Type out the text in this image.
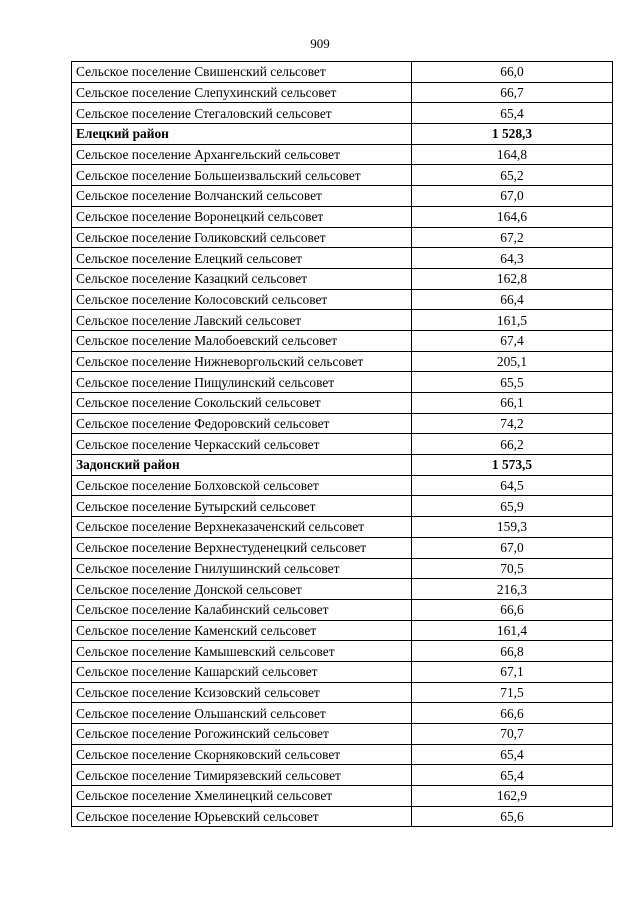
909
Сельское поселение Свишенский сельсовет	66,0
Сельское поселение Слепухинский сельсовет	66,7
Сельское поселение Стегаловский сельсовет	65,4
Елецкий район	1 528,3
Сельское поселение Архангельский сельсовет	164,8
Сельское поселение Большеизвальский сельсовет	65,2
Сельское поселение Волчанский сельсовет	67,0
Сельское поселение Воронецкий сельсовет	164,6
Сельское поселение Голиковский сельсовет	67,2
Сельское поселение Елецкий сельсовет	64,3
Сельское поселение Казацкий сельсовет	162,8
Сельское поселение Колосовский сельсовет	66,4
Сельское поселение Лавский сельсовет	161,5
Сельское поселение Малобоевский сельсовет	67,4
Сельское поселение Нижневоргольский сельсовет	205,1
Сельское поселение Пищулинский сельсовет	65,5
Сельское поселение Сокольский сельсовет	66,1
Сельское поселение Федоровский сельсовет	74,2
Сельское поселение Черкасский сельсовет	66,2
Задонский район	1 573,5
Сельское поселение Болховской сельсовет	64,5
Сельское поселение Бутырский сельсовет	65,9
Сельское поселение Верхнеказаченский сельсовет	159,3
Сельское поселение Верхнестуденецкий сельсовет	67,0
Сельское поселение Гнилушинский сельсовет	70,5
Сельское поселение Донской сельсовет	216,3
Сельское поселение Калабинский сельсовет	66,6
Сельское поселение Каменский сельсовет	161,4
Сельское поселение Камышевский сельсовет	66,8
Сельское поселение Кашарский сельсовет	67,1
Сельское поселение Ксизовский сельсовет	71,5
Сельское поселение Ольшанский сельсовет	66,6
Сельское поселение Рогожинский сельсовет	70,7
Сельское поселение Скорняковский сельсовет	65,4
Сельское поселение Тимирязевский сельсовет	65,4
Сельское поселение Хмелинецкий сельсовет	162,9
Сельское поселение Юрьевский сельсовет	65,6
